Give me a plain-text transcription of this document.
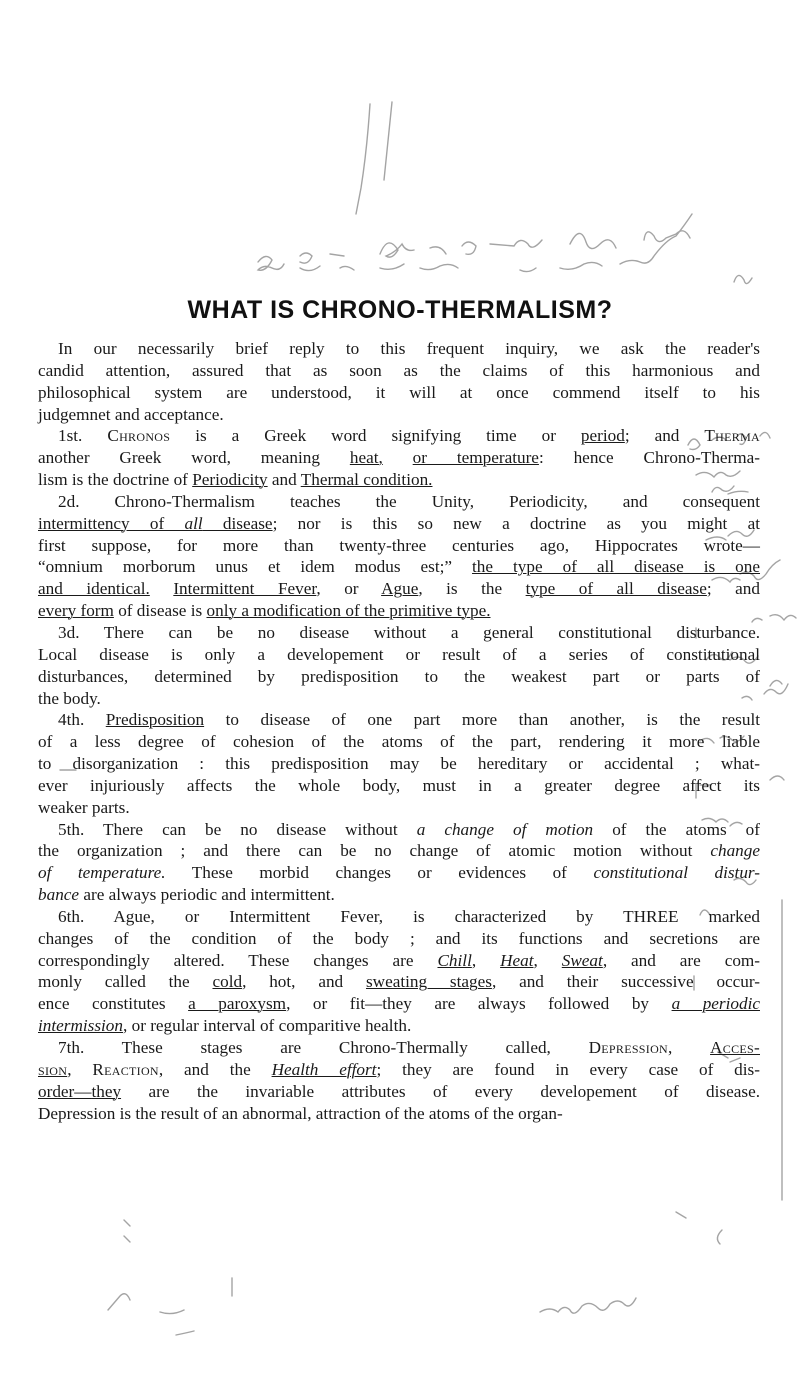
WHAT IS CHRONO-THERMALISM?
In our necessarily brief reply to this frequent inquiry, we ask the reader's
candid attention, assured that as soon as the claims of this harmonious and
philosophical system are understood, it will at once commend itself to his
judgemnet and acceptance.
1st. Chronos is a Greek word signifying time or period; and Therma
another Greek word, meaning heat, or temperature: hence Chrono-Therma-
lism is the doctrine of Periodicity and Thermal condition.
2d. Chrono-Thermalism teaches the Unity, Periodicity, and consequent
intermittency of all disease; nor is this so new a doctrine as you might at
first suppose, for more than twenty-three centuries ago, Hippocrates wrote—
“omnium morborum unus et idem modus est;” the type of all disease is one
and identical. Intermittent Fever, or Ague, is the type of all disease; and
every form of disease is only a modification of the primitive type.
3d. There can be no disease without a general constitutional disturbance.
Local disease is only a developement or result of a series of constitutional
disturbances, determined by predisposition to the weakest part or parts of
the body.
4th. Predisposition to disease of one part more than another, is the result
of a less degree of cohesion of the atoms of the part, rendering it more liable
to disorganization : this predisposition may be hereditary or accidental ; what-
ever injuriously affects the whole body, must in a greater degree affect its
weaker parts.
5th. There can be no disease without a change of motion of the atoms of
the organization ; and there can be no change of atomic motion without change
of temperature. These morbid changes or evidences of constitutional distur-
bance are always periodic and intermittent.
6th. Ague, or Intermittent Fever, is characterized by THREE marked
changes of the condition of the body ; and its functions and secretions are
correspondingly altered. These changes are Chill, Heat, Sweat, and are com-
monly called the cold, hot, and sweating stages, and their successive occur-
ence constitutes a paroxysm, or fit—they are always followed by a periodic
intermission, or regular interval of comparitive health.
7th. These stages are Chrono-Thermally called, Depression, Acces-
sion, Reaction, and the Health effort; they are found in every case of dis-
order—they are the invariable attributes of every developement of disease.
Depression is the result of an abnormal, attraction of the atoms of the organ-
